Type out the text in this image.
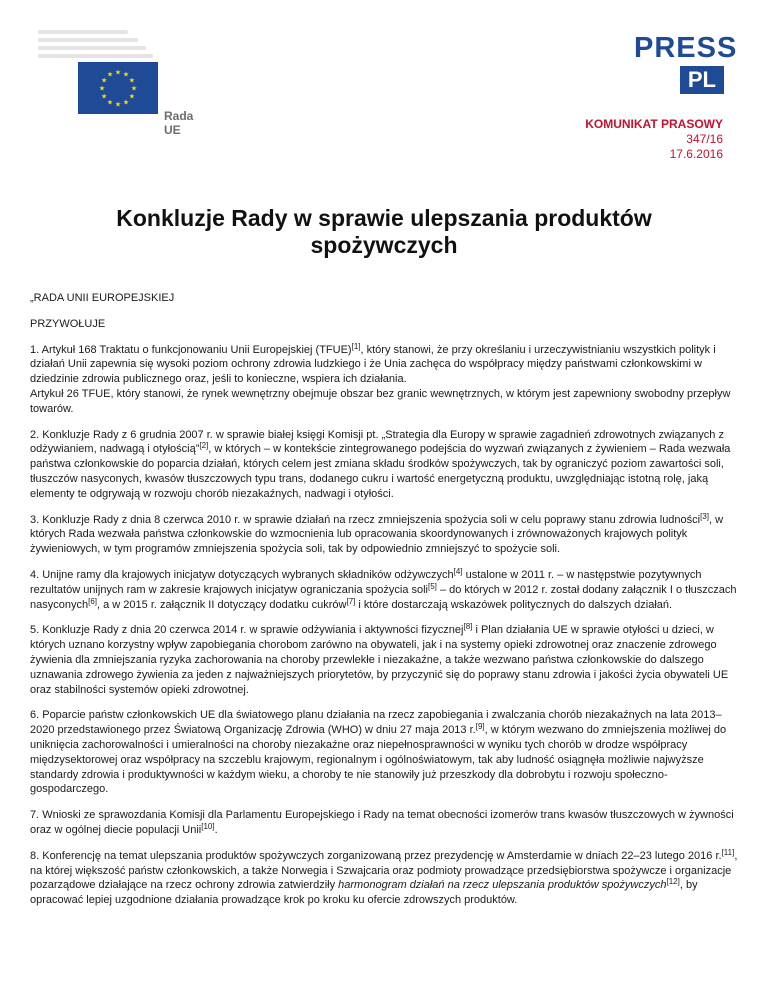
★
★
★
★
★
★
★
★
★ ★ ★
★
Rada UE
PRESS
PL
KOMUNIKAT PRASOWY
347/16
17.6.2016
Konkluzje Rady w sprawie ulepszania produktów spożywczych

„RADA UNII EUROPEJSKIEJ

PRZYWOŁUJE

1. Artykuł 168 Traktatu o funkcjonowaniu Unii Europejskiej (TFUE)[1], który stanowi, że przy określaniu i urzeczywistnianiu wszystkich polityk i działań Unii zapewnia się wysoki poziom ochrony zdrowia ludzkiego i że Unia zachęca do współpracy między państwami członkowskimi w dziedzinie zdrowia publicznego oraz, jeśli to konieczne, wspiera ich działania.
Artykuł 26 TFUE, który stanowi, że rynek wewnętrzny obejmuje obszar bez granic wewnętrznych, w którym jest zapewniony swobodny przepływ towarów.

2. Konkluzje Rady z 6 grudnia 2007 r. w sprawie białej księgi Komisji pt. „Strategia dla Europy w sprawie zagadnień zdrowotnych związanych z odżywianiem, nadwagą i otyłością”[2], w których – w kontekście zintegrowanego podejścia do wyzwań związanych z żywieniem – Rada wezwała państwa członkowskie do poparcia działań, których celem jest zmiana składu środków spożywczych, tak by ograniczyć poziom zawartości soli, tłuszczów nasyconych, kwasów tłuszczowych typu trans, dodanego cukru i wartość energetyczną produktu, uwzględniając istotną rolę, jaką elementy te odgrywają w rozwoju chorób niezakaźnych, nadwagi i otyłości.

3. Konkluzje Rady z dnia 8 czerwca 2010 r. w sprawie działań na rzecz zmniejszenia spożycia soli w celu poprawy stanu zdrowia ludności[3], w których Rada wezwała państwa członkowskie do wzmocnienia lub opracowania skoordynowanych i zrównoważonych krajowych polityk żywieniowych, w tym programów zmniejszenia spożycia soli, tak by odpowiednio zmniejszyć to spożycie soli.

4. Unijne ramy dla krajowych inicjatyw dotyczących wybranych składników odżywczych[4] ustalone w 2011 r. – w następstwie pozytywnych rezultatów unijnych ram w zakresie krajowych inicjatyw ograniczania spożycia soli[5] – do których w 2012 r. został dodany załącznik I o tłuszczach nasyconych[6], a w 2015 r. załącznik II dotyczący dodatku cukrów[7] i które dostarczają wskazówek politycznych do dalszych działań.

5. Konkluzje Rady z dnia 20 czerwca 2014 r. w sprawie odżywiania i aktywności fizycznej[8] i Plan działania UE w sprawie otyłości u dzieci, w których uznano korzystny wpływ zapobiegania chorobom zarówno na obywateli, jak i na systemy opieki zdrowotnej oraz znaczenie zdrowego żywienia dla zmniejszania ryzyka zachorowania na choroby przewlekłe i niezakaźne, a także wezwano państwa członkowskie do dalszego uznawania zdrowego żywienia za jeden z najważniejszych priorytetów, by przyczynić się do poprawy stanu zdrowia i jakości życia obywateli UE oraz stabilności systemów opieki zdrowotnej.

6. Poparcie państw członkowskich UE dla światowego planu działania na rzecz zapobiegania i zwalczania chorób niezakaźnych na lata 2013–2020 przedstawionego przez Światową Organizację Zdrowia (WHO) w dniu 27 maja 2013 r.[9], w którym wezwano do zmniejszenia możliwej do uniknięcia zachorowalności i umieralności na choroby niezakaźne oraz niepełnosprawności w wyniku tych chorób w drodze współpracy międzysektorowej oraz współpracy na szczeblu krajowym, regionalnym i ogólnoświatowym, tak aby ludność osiągnęła możliwie najwyższe standardy zdrowia i produktywności w każdym wieku, a choroby te nie stanowiły już przeszkody dla dobrobytu i rozwoju społeczno-gospodarczego.

7. Wnioski ze sprawozdania Komisji dla Parlamentu Europejskiego i Rady na temat obecności izomerów trans kwasów tłuszczowych w żywności oraz w ogólnej diecie populacji Unii[10].

8. Konferencję na temat ulepszania produktów spożywczych zorganizowaną przez prezydencję w Amsterdamie w dniach 22–23 lutego 2016 r.[11], na której większość państw członkowskich, a także Norwegia i Szwajcaria oraz podmioty prowadzące przedsiębiorstwa spożywcze i organizacje pozarządowe działające na rzecz ochrony zdrowia zatwierdziły harmonogram działań na rzecz ulepszania produktów spożywczych[12], by opracować lepiej uzgodnione działania prowadzące krok po kroku ku ofercie zdrowszych produktów.
